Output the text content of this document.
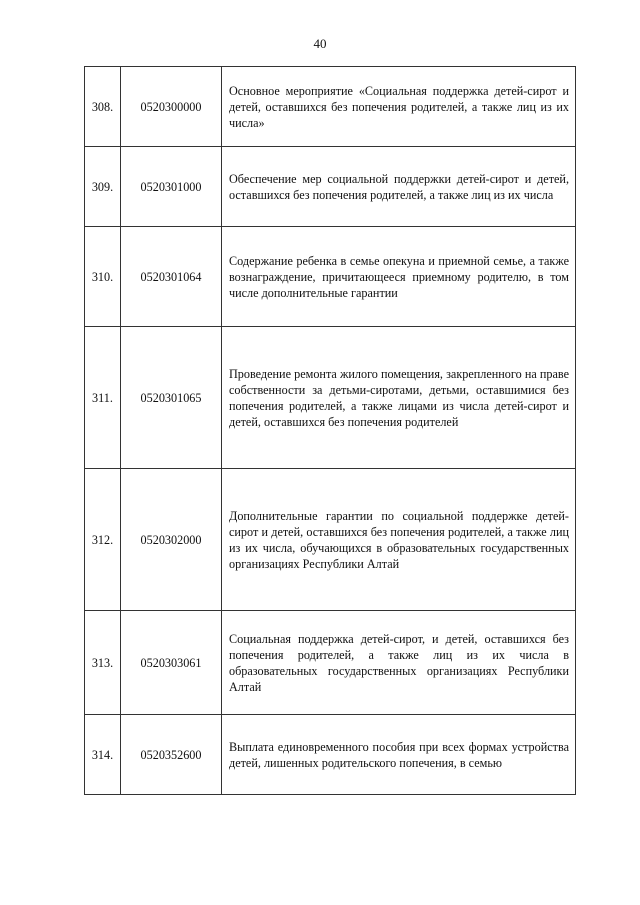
40
308.	0520300000	Основное мероприятие «Социальная поддержка детей-сирот и детей, оставшихся без попечения родителей, а также лиц из их числа»

309.	0520301000	Обеспечение мер социальной поддержки детей-сирот и детей, оставшихся без попечения родителей, а также лиц из их числа

310.	0520301064	Содержание ребенка в семье опекуна и приемной семье, а также вознаграждение, причитающееся приемному родителю, в том числе дополнительные гарантии

311.	0520301065	Проведение ремонта жилого помещения, закрепленного на праве собственности за детьми-сиротами, детьми, оставшимися без попечения родителей, а также лицами из числа детей-сирот и детей, оставшихся без попечения родителей

312.	0520302000	Дополнительные гарантии по социальной поддержке детей-сирот и детей, оставшихся без попечения родителей, а также лиц из их числа, обучающихся в образовательных государственных организациях Республики Алтай

313.	0520303061	Социальная поддержка детей-сирот, и детей, оставшихся без попечения родителей, а также лиц из их числа в образовательных государственных организациях Республики Алтай

314.	0520352600	Выплата единовременного пособия при всех формах устройства детей, лишенных родительского попечения, в семью
